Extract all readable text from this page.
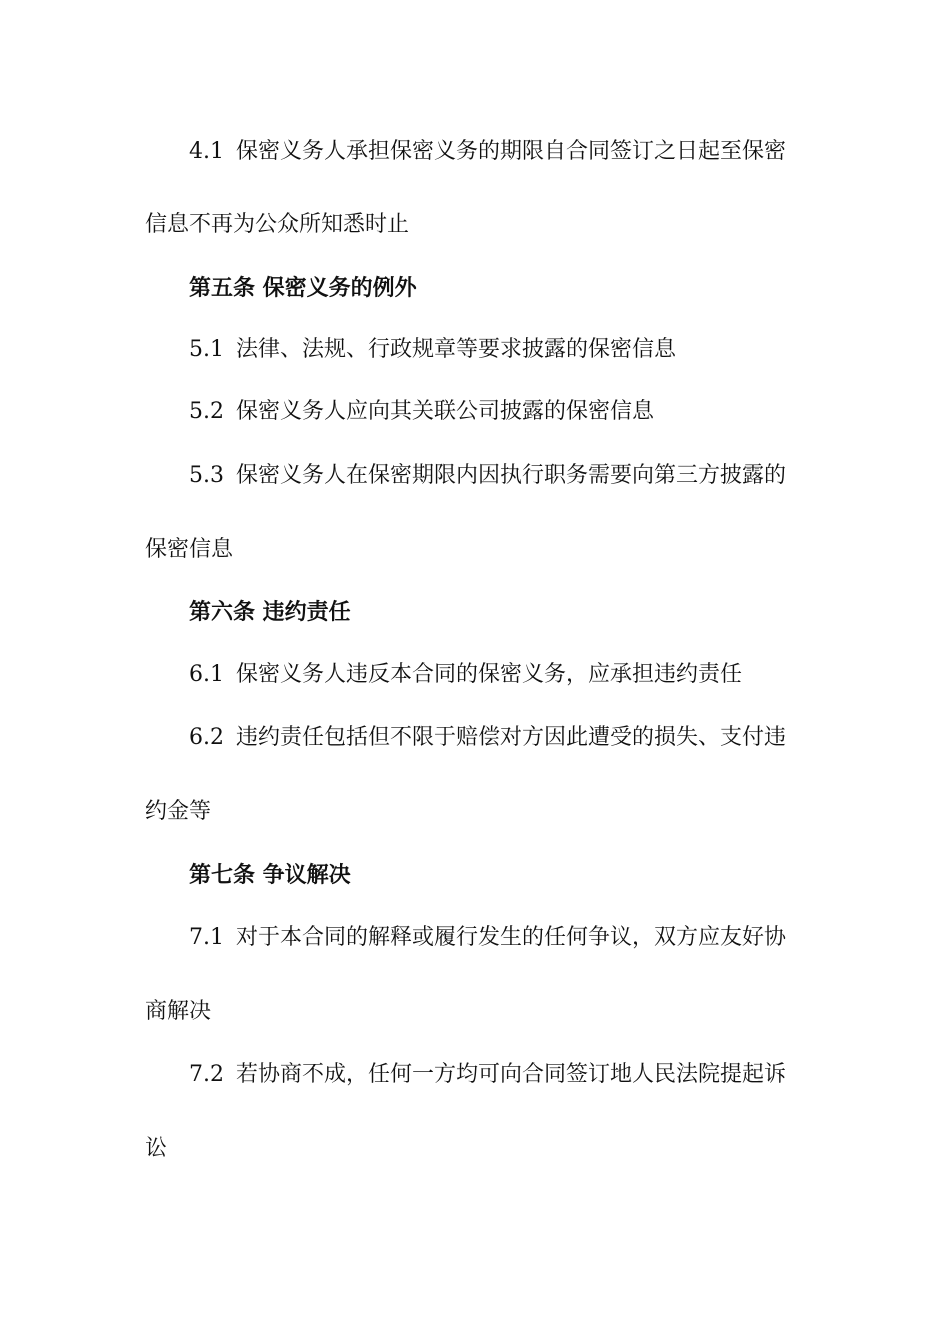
4.1 保密义务人承担保密义务的期限自合同签订之日起至保密
信息不再为公众所知悉时止
第五条 保密义务的例外
5.1 法律、法规、行政规章等要求披露的保密信息
5.2 保密义务人应向其关联公司披露的保密信息
5.3 保密义务人在保密期限内因执行职务需要向第三方披露的
保密信息
第六条 违约责任
6.1 保密义务人违反本合同的保密义务，应承担违约责任
6.2 违约责任包括但不限于赔偿对方因此遭受的损失、支付违
约金等
第七条 争议解决
7.1 对于本合同的解释或履行发生的任何争议，双方应友好协
商解决
7.2 若协商不成，任何一方均可向合同签订地人民法院提起诉
讼
